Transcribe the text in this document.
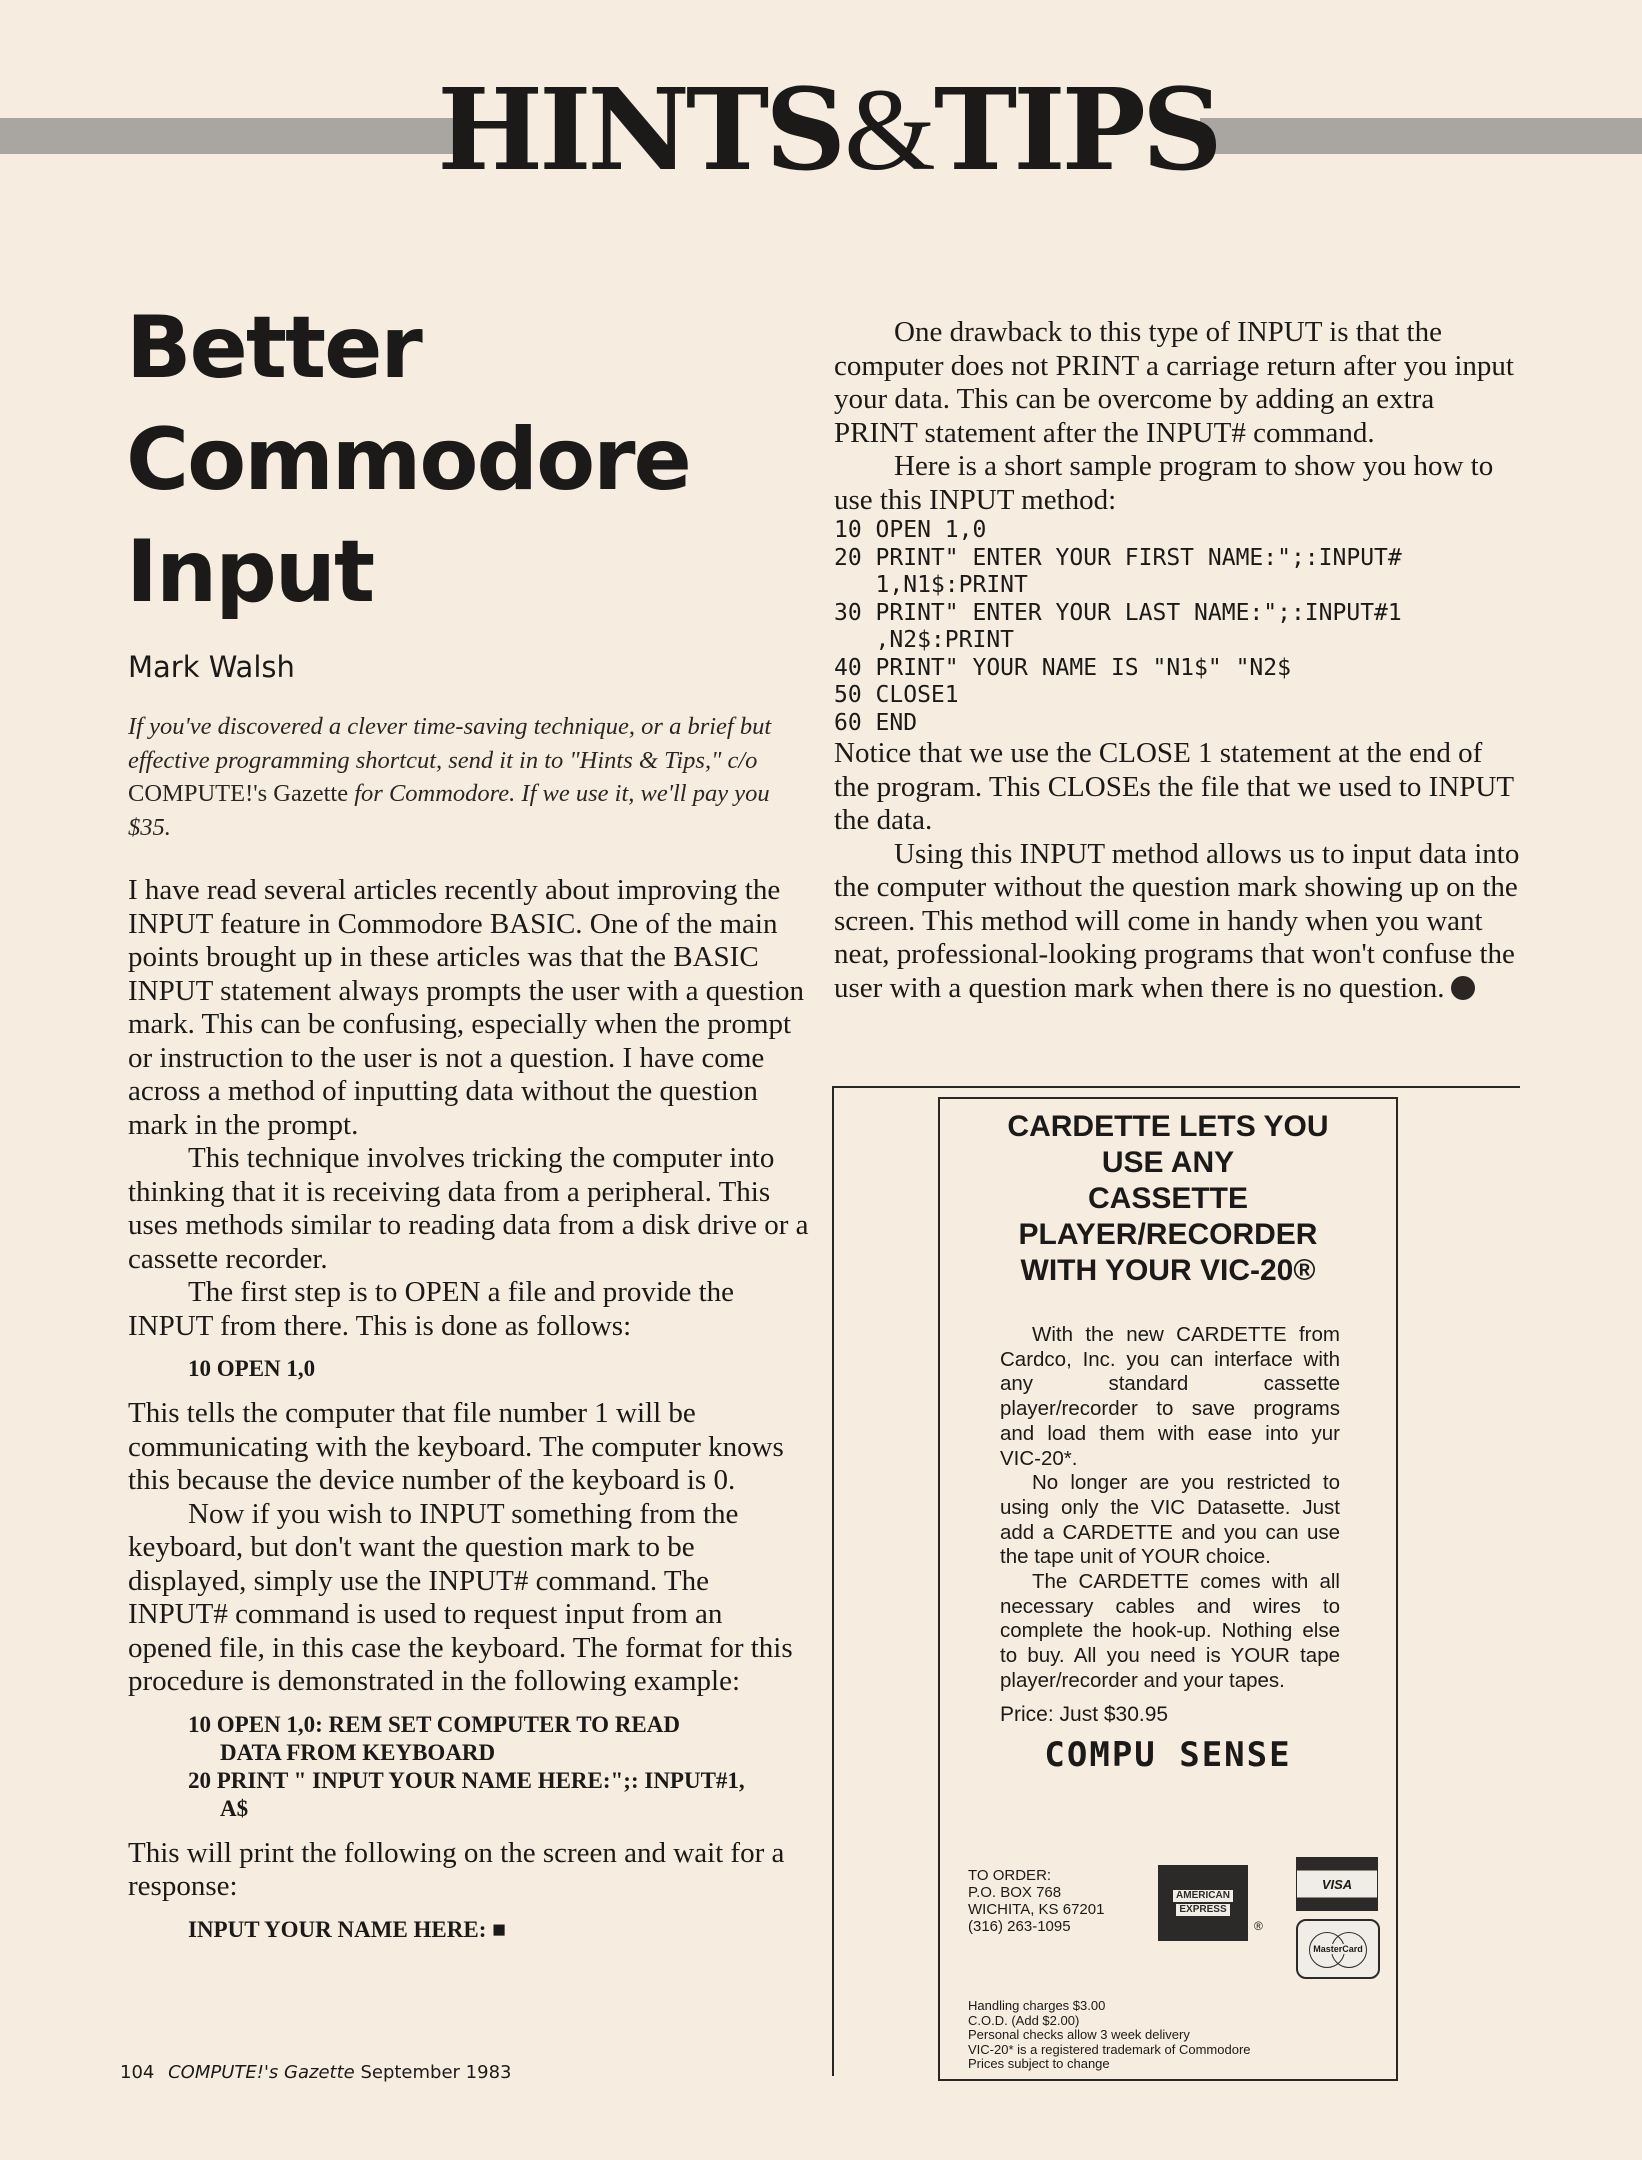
HINTS & TIPS
Better
Commodore
Input
Mark Walsh
If you've discovered a clever time-saving technique, or a brief but effective programming shortcut, send it in to "Hints & Tips," c/o COMPUTE!'s Gazette for Commodore. If we use it, we'll pay you $35.

I have read several articles recently about improving the INPUT feature in Commodore BASIC. One of the main points brought up in these articles was that the BASIC INPUT statement always prompts the user with a question mark. This can be confusing, especially when the prompt or instruction to the user is not a question. I have come across a method of inputting data without the question mark in the prompt.

This technique involves tricking the computer into thinking that it is receiving data from a peripheral. This uses methods similar to reading data from a disk drive or a cassette recorder.

The first step is to OPEN a file and provide the INPUT from there. This is done as follows:

10 OPEN 1,0

This tells the computer that file number 1 will be communicating with the keyboard. The computer knows this because the device number of the keyboard is 0.

Now if you wish to INPUT something from the keyboard, but don't want the question mark to be displayed, simply use the INPUT# command. The INPUT# command is used to request input from an opened file, in this case the keyboard. The format for this procedure is demonstrated in the following example:

10 OPEN 1,0: REM SET COMPUTER TO READ
DATA FROM KEYBOARD
20 PRINT " INPUT YOUR NAME HERE:";: INPUT#1,
A$

This will print the following on the screen and wait for a response:

INPUT YOUR NAME HERE: ■

One drawback to this type of INPUT is that the computer does not PRINT a carriage return after you input your data. This can be overcome by adding an extra PRINT statement after the INPUT# command.

Here is a short sample program to show you how to use this INPUT method:

10 OPEN 1,0
20 PRINT" ENTER YOUR FIRST NAME:";:INPUT#
1,N1$:PRINT
30 PRINT" ENTER YOUR LAST NAME:";:INPUT#1
,N2$:PRINT
40 PRINT" YOUR NAME IS "N1$" "N2$
50 CLOSE1
60 END

Notice that we use the CLOSE 1 statement at the end of the program. This CLOSEs the file that we used to INPUT the data.

Using this INPUT method allows us to input data into the computer without the question mark showing up on the screen. This method will come in handy when you want neat, professional-looking programs that won't confuse the user with a question mark when there is no question.

CARDETTE LETS YOU
USE ANY
CASSETTE
PLAYER/RECORDER
WITH YOUR VIC-20®

With the new CARDETTE from Cardco, Inc. you can interface with any standard cassette player/recorder to save programs and load them with ease into yur VIC-20*.

No longer are you restricted to using only the VIC Datasette. Just add a CARDETTE and you can use the tape unit of YOUR choice.

The CARDETTE comes with all necessary cables and wires to complete the hook-up. Nothing else to buy. All you need is YOUR tape player/recorder and your tapes.

Price: Just $30.95
COMPU SENSE
TO ORDER:
P.O. BOX 768
WICHITA, KS 67201
(316) 263-1095
AMERICAN
EXPRESS
®
VISA
MasterCard
Handling charges $3.00
C.O.D. (Add $2.00)
Personal checks allow 3 week delivery
VIC-20* is a registered trademark of Commodore
Prices subject to change
104 COMPUTE!'s Gazette September 1983
